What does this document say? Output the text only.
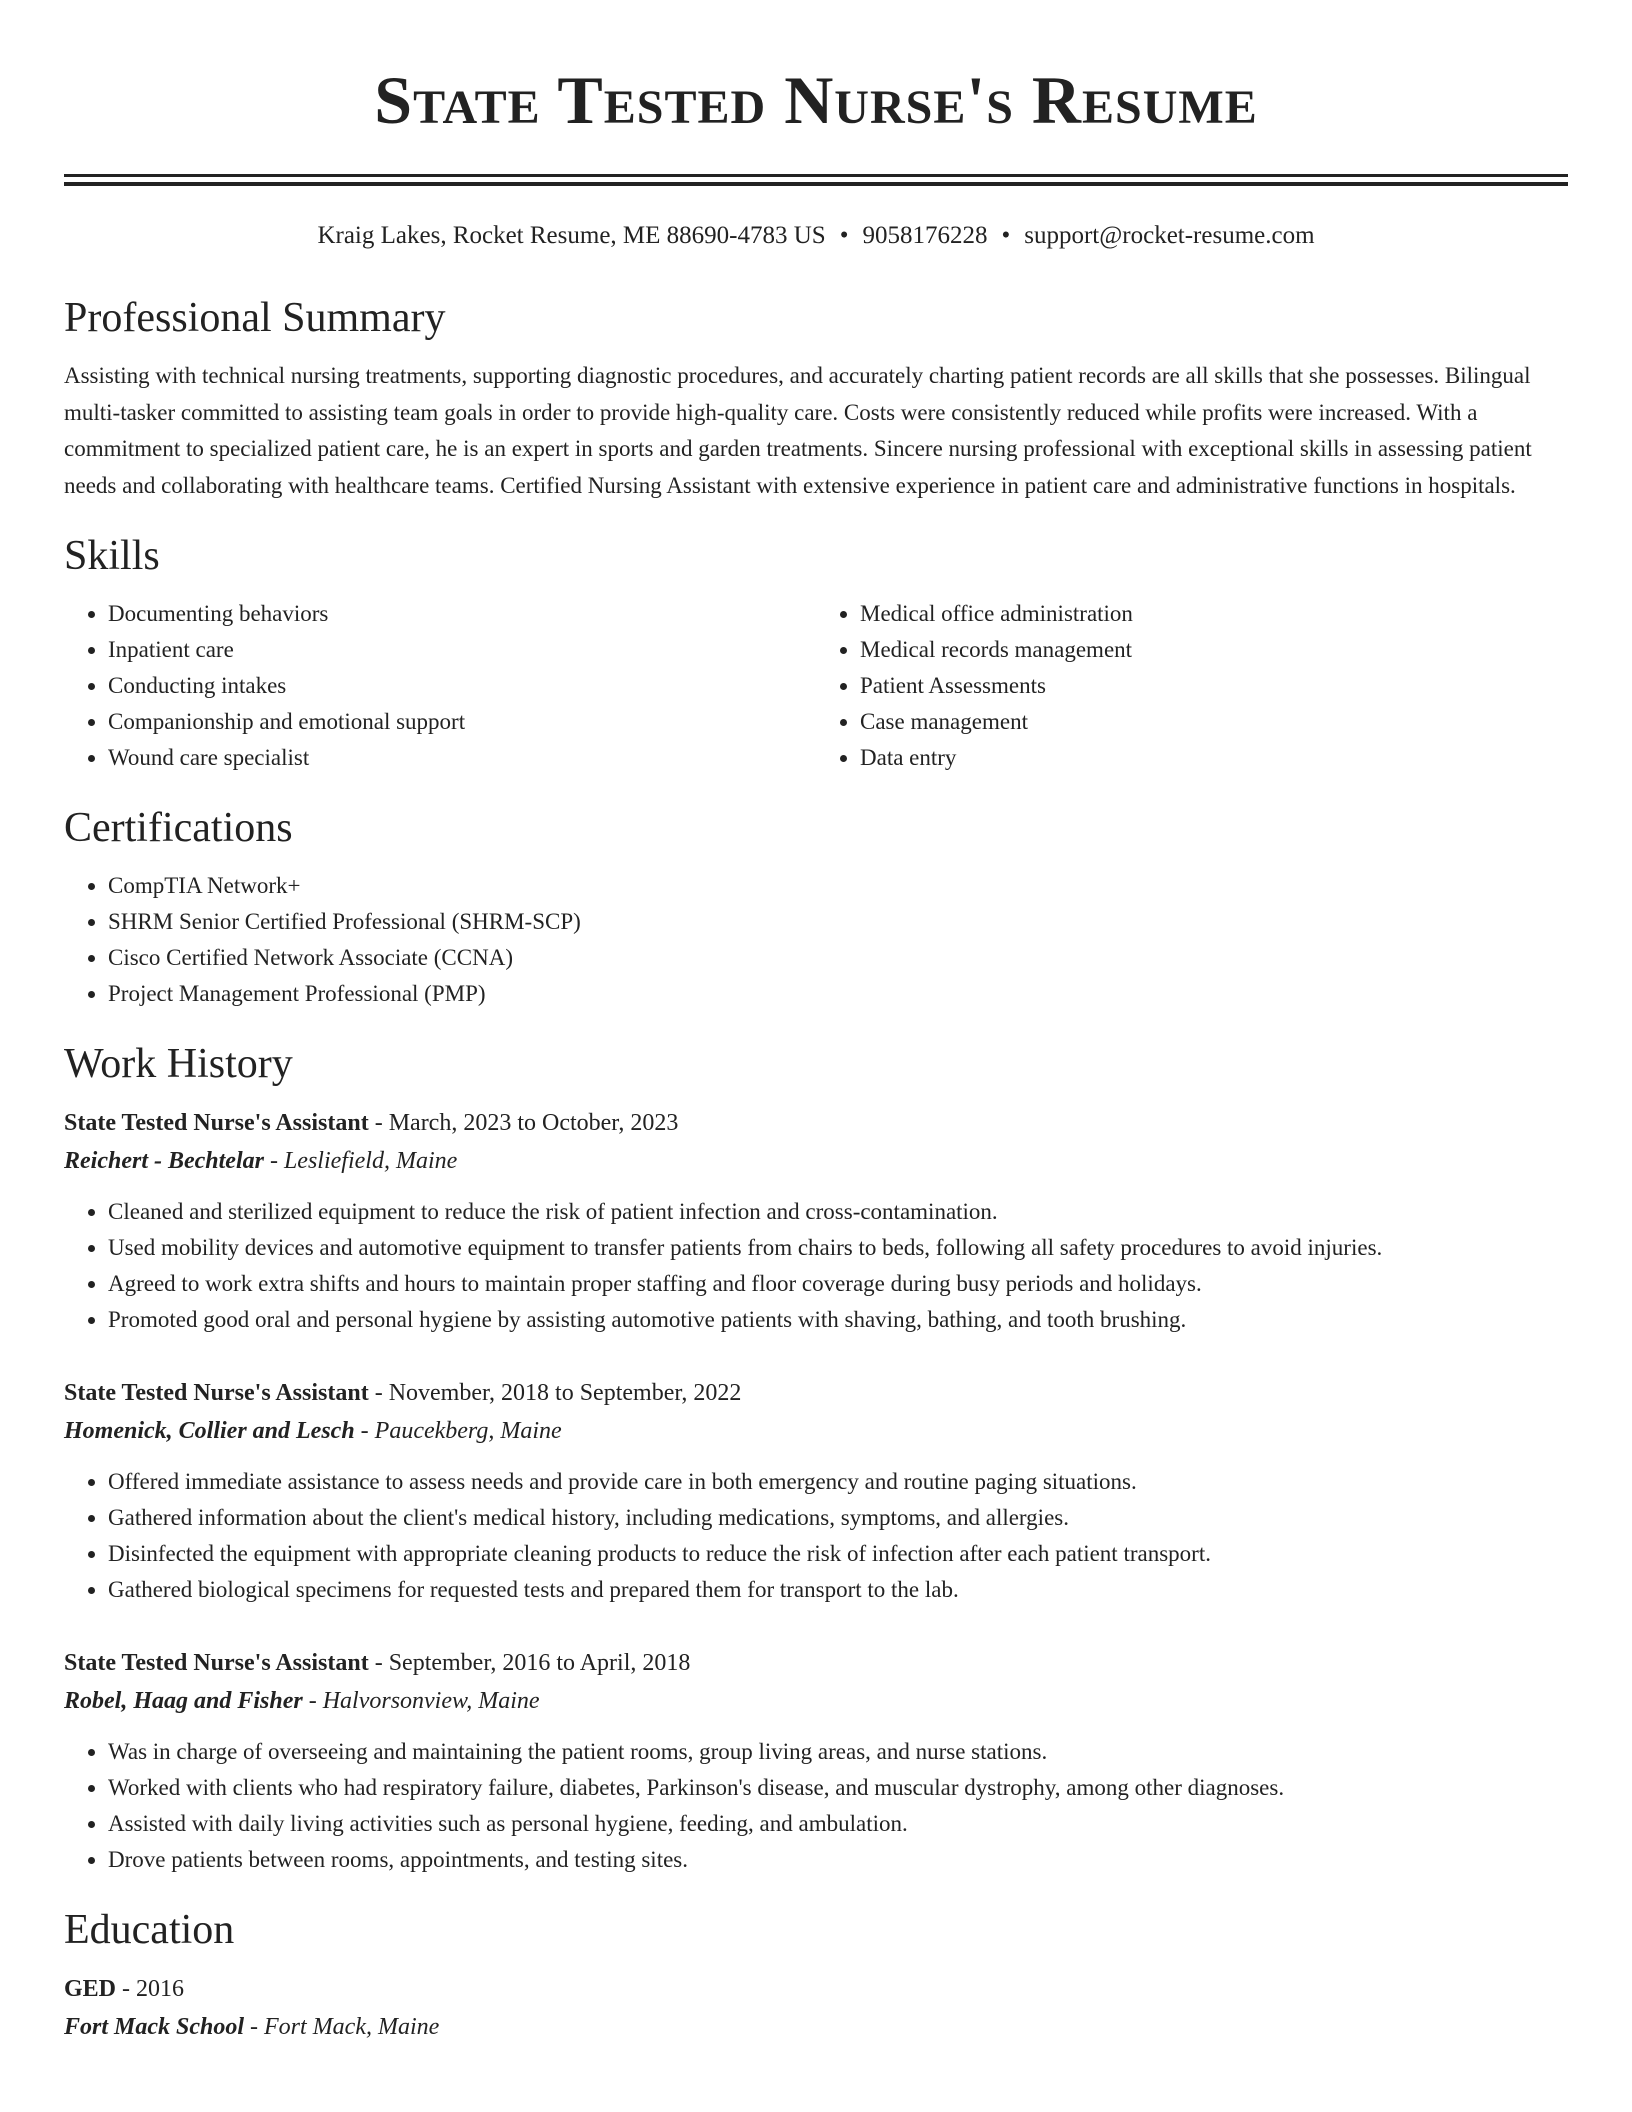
State Tested Nurse's Resume
Kraig Lakes, Rocket Resume, ME 88690-4783 US • 9058176228 • support@rocket-resume.com
Professional Summary

Assisting with technical nursing treatments, supporting diagnostic procedures, and accurately charting patient records are all skills that she possesses. Bilingual multi-tasker committed to assisting team goals in order to provide high-quality care. Costs were consistently reduced while profits were increased. With a commitment to specialized patient care, he is an expert in sports and garden treatments. Sincere nursing professional with exceptional skills in assessing patient needs and collaborating with healthcare teams. Certified Nursing Assistant with extensive experience in patient care and administrative functions in hospitals.

Skills
• Documenting behaviors
• Inpatient care
• Conducting intakes
• Companionship and emotional support
• Wound care specialist
• Medical office administration
• Medical records management
• Patient Assessments
• Case management
• Data entry
Certifications
• CompTIA Network+
• SHRM Senior Certified Professional (SHRM-SCP)
• Cisco Certified Network Associate (CCNA)
• Project Management Professional (PMP)
Work History
State Tested Nurse's Assistant - March, 2023 to October, 2023
Reichert - Bechtelar - Lesliefield, Maine
• Cleaned and sterilized equipment to reduce the risk of patient infection and cross-contamination.
• Used mobility devices and automotive equipment to transfer patients from chairs to beds, following all safety procedures to avoid injuries.
• Agreed to work extra shifts and hours to maintain proper staffing and floor coverage during busy periods and holidays.
• Promoted good oral and personal hygiene by assisting automotive patients with shaving, bathing, and tooth brushing.
State Tested Nurse's Assistant - November, 2018 to September, 2022
Homenick, Collier and Lesch - Paucekberg, Maine
• Offered immediate assistance to assess needs and provide care in both emergency and routine paging situations.
• Gathered information about the client's medical history, including medications, symptoms, and allergies.
• Disinfected the equipment with appropriate cleaning products to reduce the risk of infection after each patient transport.
• Gathered biological specimens for requested tests and prepared them for transport to the lab.
State Tested Nurse's Assistant - September, 2016 to April, 2018
Robel, Haag and Fisher - Halvorsonview, Maine
• Was in charge of overseeing and maintaining the patient rooms, group living areas, and nurse stations.
• Worked with clients who had respiratory failure, diabetes, Parkinson's disease, and muscular dystrophy, among other diagnoses.
• Assisted with daily living activities such as personal hygiene, feeding, and ambulation.
• Drove patients between rooms, appointments, and testing sites.
Education
GED - 2016
Fort Mack School - Fort Mack, Maine
